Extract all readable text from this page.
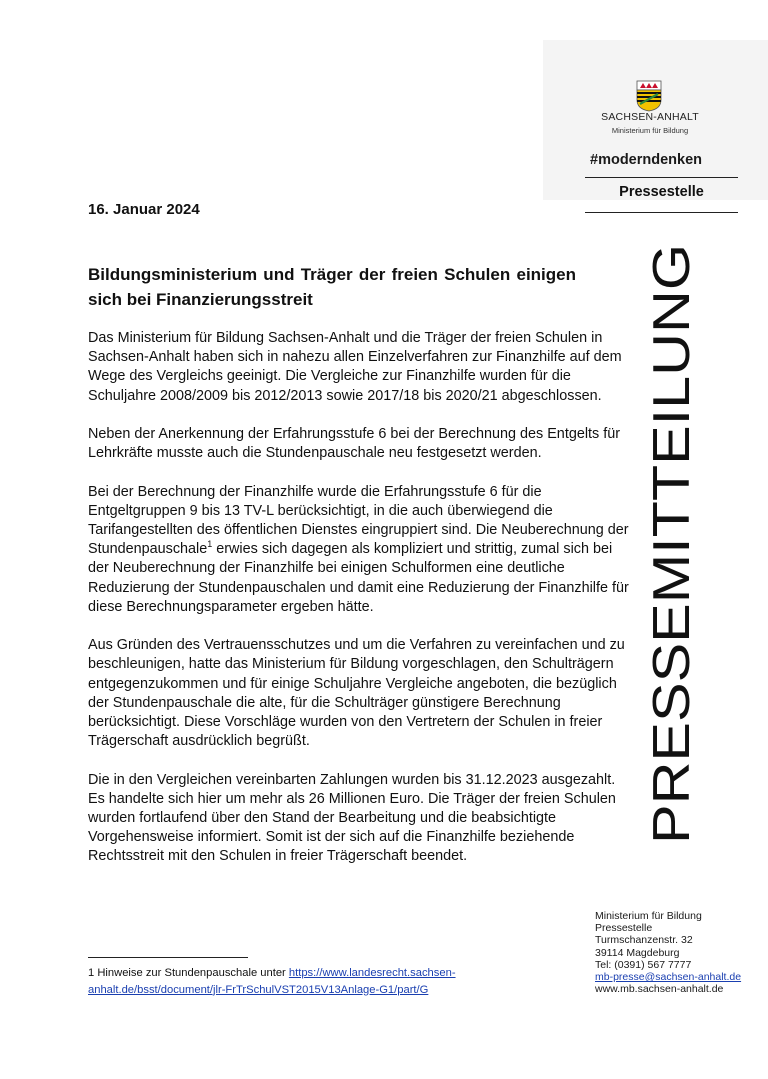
SACHSEN-ANHALT
Ministerium für Bildung
#moderndenken
Pressestelle
16. Januar 2024
Bildungsministerium und Träger der freien Schulen einigen sich bei Finanzierungsstreit

Das Ministerium für Bildung Sachsen-Anhalt und die Träger der freien Schulen in
Sachsen-Anhalt haben sich in nahezu allen Einzelverfahren zur Finanzhilfe auf dem
Wege des Vergleichs geeinigt. Die Vergleiche zur Finanzhilfe wurden für die
Schuljahre 2008/2009 bis 2012/2013 sowie 2017/18 bis 2020/21 abgeschlossen.

Neben der Anerkennung der Erfahrungsstufe 6 bei der Berechnung des Entgelts für
Lehrkräfte musste auch die Stundenpauschale neu festgesetzt werden.

Bei der Berechnung der Finanzhilfe wurde die Erfahrungsstufe 6 für die
Entgeltgruppen 9 bis 13 TV-L berücksichtigt, in die auch überwiegend die
Tarifangestellten des öffentlichen Dienstes eingruppiert sind. Die Neuberechnung der
Stundenpauschale$^1$ erwies sich dagegen als kompliziert und strittig, zumal sich bei
der Neuberechnung der Finanzhilfe bei einigen Schulformen eine deutliche
Reduzierung der Stundenpauschalen und damit eine Reduzierung der Finanzhilfe für
diese Berechnungsparameter ergeben hätte.

Aus Gründen des Vertrauensschutzes und um die Verfahren zu vereinfachen und zu
beschleunigen, hatte das Ministerium für Bildung vorgeschlagen, den Schulträgern
entgegenzukommen und für einige Schuljahre Vergleiche angeboten, die bezüglich
der Stundenpauschale die alte, für die Schulträger günstigere Berechnung
berücksichtigt. Diese Vorschläge wurden von den Vertretern der Schulen in freier
Trägerschaft ausdrücklich begrüßt.

Die in den Vergleichen vereinbarten Zahlungen wurden bis 31.12.2023 ausgezahlt.
Es handelte sich hier um mehr als 26 Millionen Euro. Die Träger der freien Schulen
wurden fortlaufend über den Stand der Bearbeitung und die beabsichtigte
Vorgehensweise informiert. Somit ist der sich auf die Finanzhilfe beziehende
Rechtsstreit mit den Schulen in freier Trägerschaft beendet.

PRESSEMITTEILUNG
Ministerium für Bildung
Pressestelle
Turmschanzenstr. 32
39114 Magdeburg
Tel: (0391) 567 7777
mb-presse@sachsen-anhalt.de
www.mb.sachsen-anhalt.de
1 Hinweise zur Stundenpauschale unter https://www.landesrecht.sachsen-
anhalt.de/bsst/document/jlr-FrTrSchulVST2015V13Anlage-G1/part/G
